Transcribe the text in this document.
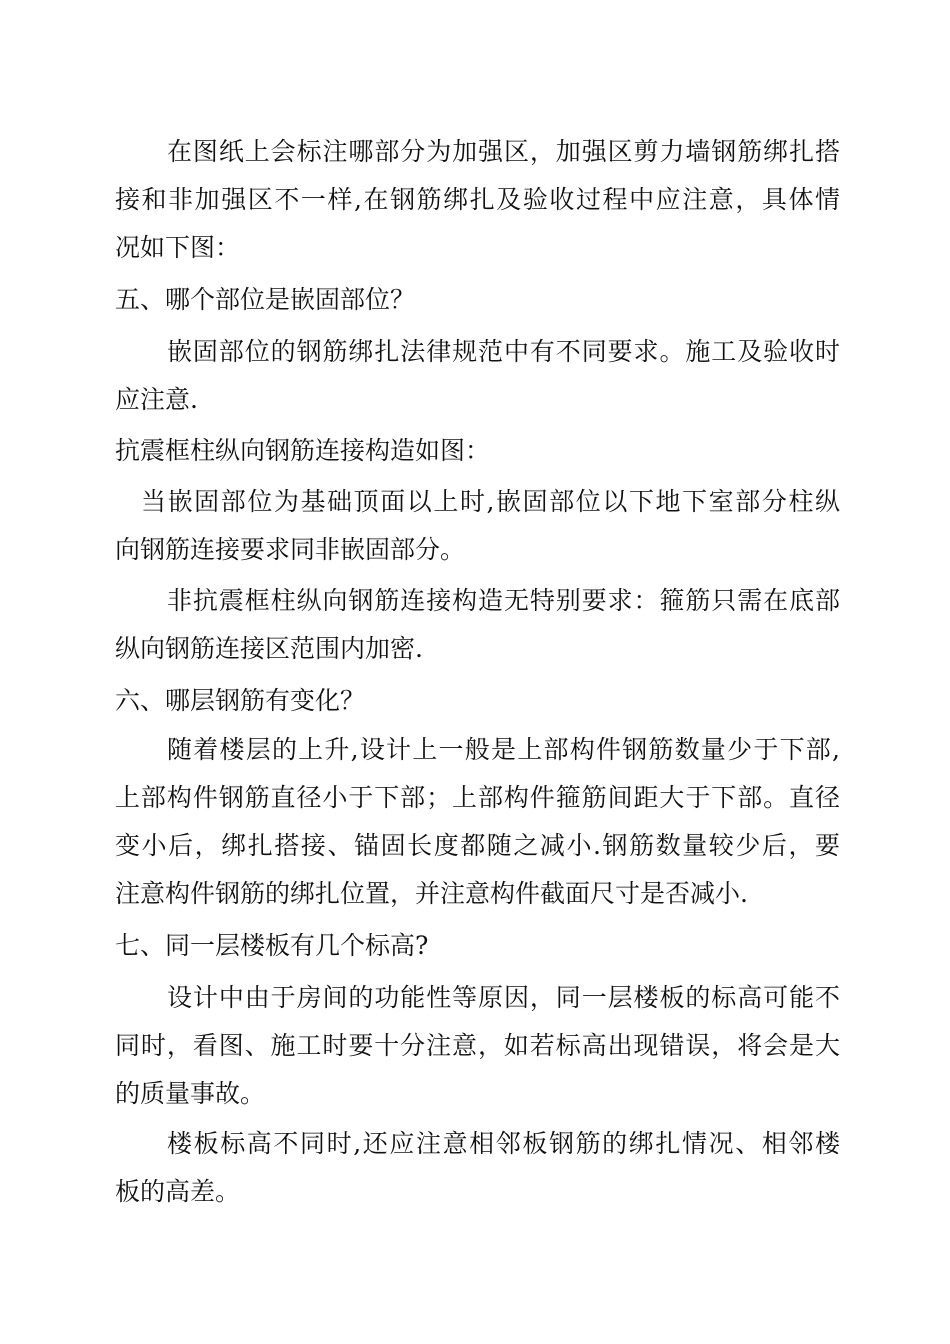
在图纸上会标注哪部分为加强区，加强区剪力墙钢筋绑扎搭
接和非加强区不一样,在钢筋绑扎及验收过程中应注意，具体情
况如下图：
五、哪个部位是嵌固部位？
嵌固部位的钢筋绑扎法律规范中有不同要求。施工及验收时
应注意.
抗震框柱纵向钢筋连接构造如图：
当嵌固部位为基础顶面以上时,嵌固部位以下地下室部分柱纵
向钢筋连接要求同非嵌固部分。
非抗震框柱纵向钢筋连接构造无特别要求：箍筋只需在底部
纵向钢筋连接区范围内加密.
六、哪层钢筋有变化？
随着楼层的上升,设计上一般是上部构件钢筋数量少于下部,
上部构件钢筋直径小于下部；上部构件箍筋间距大于下部。直径
变小后，绑扎搭接、锚固长度都随之减小.钢筋数量较少后，要
注意构件钢筋的绑扎位置，并注意构件截面尺寸是否减小.
七、同一层楼板有几个标高?
设计中由于房间的功能性等原因，同一层楼板的标高可能不
同时，看图、施工时要十分注意，如若标高出现错误，将会是大
的质量事故。
楼板标高不同时,还应注意相邻板钢筋的绑扎情况、相邻楼
板的高差。
